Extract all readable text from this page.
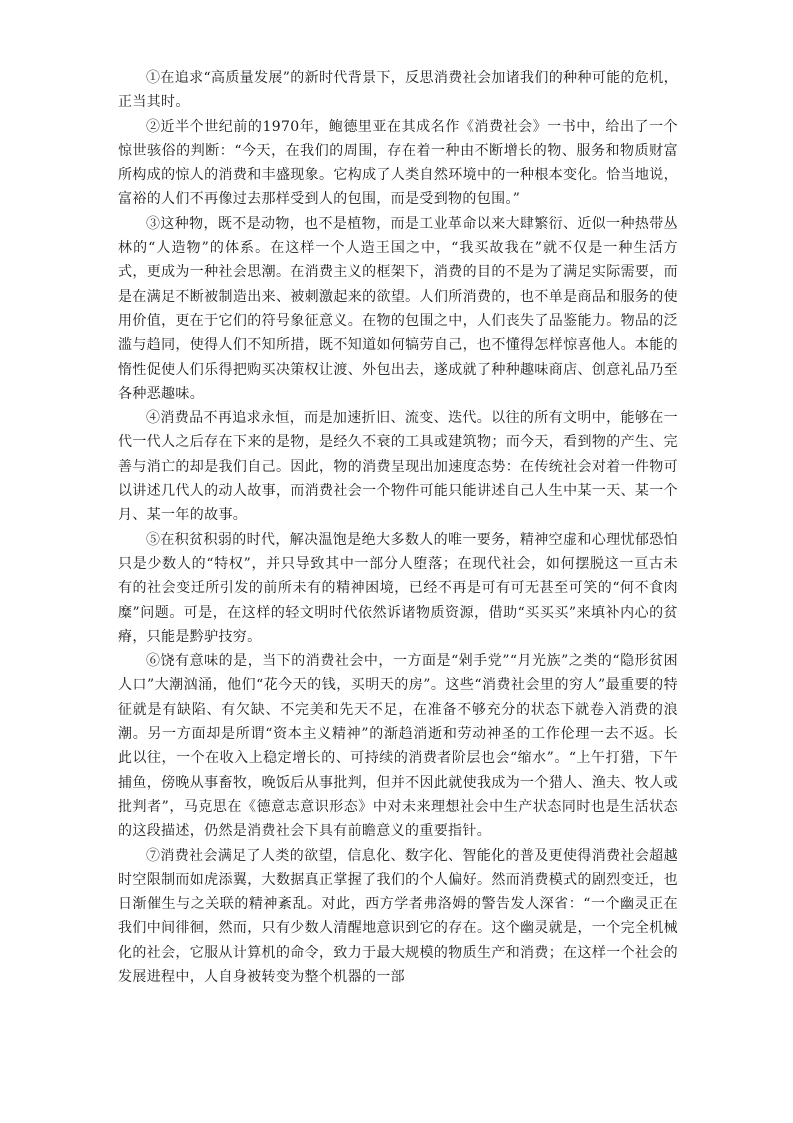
①在追求“高质量发展”的新时代背景下，反思消费社会加诸我们的种种可能的危机，正当其时。

②近半个世纪前的1970年，鲍德里亚在其成名作《消费社会》一书中，给出了一个惊世骇俗的判断：“今天，在我们的周围，存在着一种由不断增长的物、服务和物质财富所构成的惊人的消费和丰盛现象。它构成了人类自然环境中的一种根本变化。恰当地说，富裕的人们不再像过去那样受到人的包围，而是受到物的包围。”

③这种物，既不是动物，也不是植物，而是工业革命以来大肆繁衍、近似一种热带丛林的“人造物”的体系。在这样一个人造王国之中，“我买故我在”就不仅是一种生活方式，更成为一种社会思潮。在消费主义的框架下，消费的目的不是为了满足实际需要，而是在满足不断被制造出来、被刺激起来的欲望。人们所消费的，也不单是商品和服务的使用价值，更在于它们的符号象征意义。在物的包围之中，人们丧失了品鉴能力。物品的泛滥与趋同，使得人们不知所措，既不知道如何犒劳自己，也不懂得怎样惊喜他人。本能的惰性促使人们乐得把购买决策权让渡、外包出去，遂成就了种种趣味商店、创意礼品乃至各种恶趣味。

④消费品不再追求永恒，而是加速折旧、流变、迭代。以往的所有文明中，能够在一代一代人之后存在下来的是物，是经久不衰的工具或建筑物；而今天，看到物的产生、完善与消亡的却是我们自己。因此，物的消费呈现出加速度态势：在传统社会对着一件物可以讲述几代人的动人故事，而消费社会一个物件可能只能讲述自己人生中某一天、某一个月、某一年的故事。

⑤在积贫积弱的时代，解决温饱是绝大多数人的唯一要务，精神空虚和心理忧郁恐怕只是少数人的“特权”，并只导致其中一部分人堕落；在现代社会，如何摆脱这一亘古未有的社会变迁所引发的前所未有的精神困境，已经不再是可有可无甚至可笑的“何不食肉糜”问题。可是，在这样的轻文明时代依然诉诸物质资源，借助“买买买”来填补内心的贫瘠，只能是黔驴技穷。

⑥饶有意味的是，当下的消费社会中，一方面是“剁手党”“月光族”之类的“隐形贫困人口”大潮汹涌，他们“花今天的钱，买明天的房”。这些“消费社会里的穷人”最重要的特征就是有缺陷、有欠缺、不完美和先天不足，在准备不够充分的状态下就卷入消费的浪潮。另一方面却是所谓“资本主义精神”的渐趋消逝和劳动神圣的工作伦理一去不返。长此以往，一个在收入上稳定增长的、可持续的消费者阶层也会“缩水”。“上午打猎，下午捕鱼，傍晚从事畜牧，晚饭后从事批判，但并不因此就使我成为一个猎人、渔夫、牧人或批判者”，马克思在《德意志意识形态》中对未来理想社会中生产状态同时也是生活状态的这段描述，仍然是消费社会下具有前瞻意义的重要指针。

⑦消费社会满足了人类的欲望，信息化、数字化、智能化的普及更使得消费社会超越时空限制而如虎添翼，大数据真正掌握了我们的个人偏好。然而消费模式的剧烈变迁，也日渐催生与之关联的精神紊乱。对此，西方学者弗洛姆的警告发人深省：“一个幽灵正在我们中间徘徊，然而，只有少数人清醒地意识到它的存在。这个幽灵就是，一个完全机械化的社会，它服从计算机的命令，致力于最大规模的物质生产和消费；在这样一个社会的发展进程中，人自身被转变为整个机器的一部
